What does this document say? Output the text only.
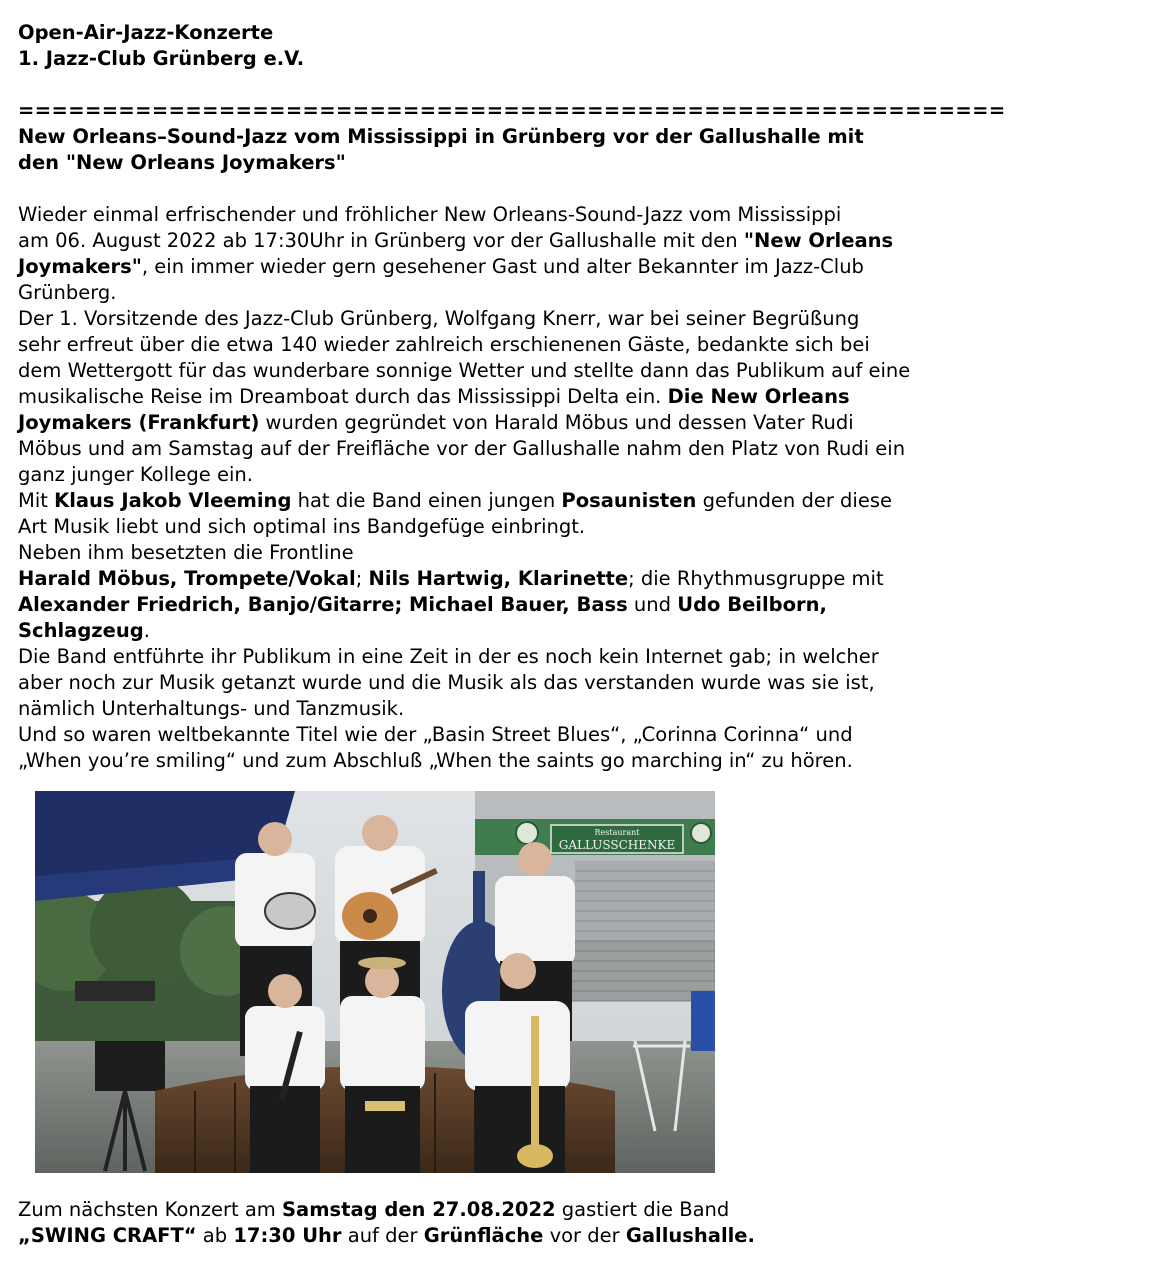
Open-Air-Jazz-Konzerte
1. Jazz-Club Grünberg e.V.
===========================================================
New Orleans–Sound-Jazz vom Mississippi in Grünberg vor der Gallushalle mit
den "New Orleans Joymakers"

Wieder einmal erfrischender und fröhlicher New Orleans-Sound-Jazz vom Mississippi
am 06. August 2022 ab 17:30Uhr in Grünberg vor der Gallushalle mit den "New Orleans
Joymakers", ein immer wieder gern gesehener Gast und alter Bekannter im Jazz-Club
Grünberg.

Der 1. Vorsitzende des Jazz-Club Grünberg, Wolfgang Knerr, war bei seiner Begrüßung
sehr erfreut über die etwa 140 wieder zahlreich erschienenen Gäste, bedankte sich bei
dem Wettergott für das wunderbare sonnige Wetter und stellte dann das Publikum auf eine
musikalische Reise im Dreamboat durch das Mississippi Delta ein. Die New Orleans
Joymakers (Frankfurt) wurden gegründet von Harald Möbus und dessen Vater Rudi
Möbus und am Samstag auf der Freifläche vor der Gallushalle nahm den Platz von Rudi ein
ganz junger Kollege ein.

Mit Klaus Jakob Vleeming hat die Band einen jungen Posaunisten gefunden der diese
Art Musik liebt und sich optimal ins Bandgefüge einbringt.

Neben ihm besetzten die Frontline
Harald Möbus, Trompete/Vokal; Nils Hartwig, Klarinette; die Rhythmusgruppe mit
Alexander Friedrich, Banjo/Gitarre; Michael Bauer, Bass und Udo Beilborn,
Schlagzeug.

Die Band entführte ihr Publikum in eine Zeit in der es noch kein Internet gab; in welcher
aber noch zur Musik getanzt wurde und die Musik als das verstanden wurde was sie ist,
nämlich Unterhaltungs- und Tanzmusik.

Und so waren weltbekannte Titel wie der „Basin Street Blues“, „Corinna Corinna“ und
„When you’re smiling“ und zum Abschluß „When the saints go marching in“ zu hören.

Restaurant
GALLUSSCHENKE

Zum nächsten Konzert am Samstag den 27.08.2022 gastiert die Band
„SWING CRAFT“ ab 17:30 Uhr auf der Grünfläche vor der Gallushalle.
